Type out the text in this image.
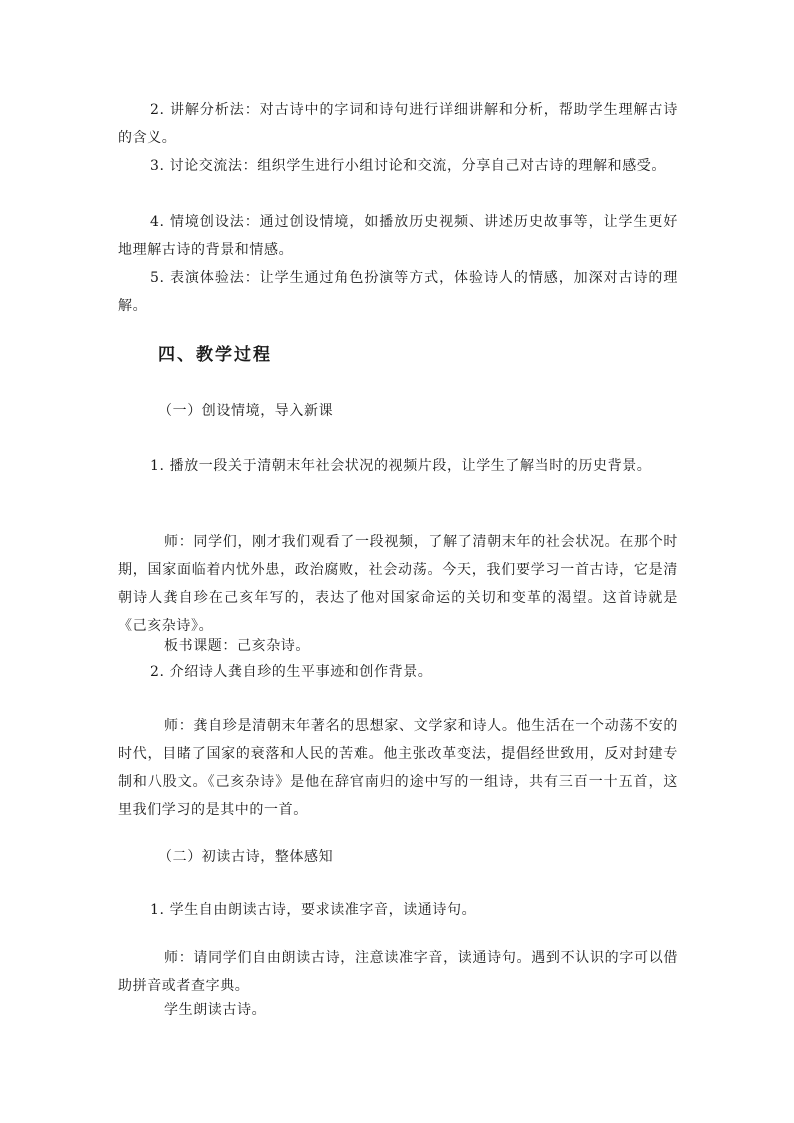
2. 讲解分析法：对古诗中的字词和诗句进行详细讲解和分析，帮助学生理解古诗的含义。

3. 讨论交流法：组织学生进行小组讨论和交流，分享自己对古诗的理解和感受。

4. 情境创设法：通过创设情境，如播放历史视频、讲述历史故事等，让学生更好地理解古诗的背景和情感。

5. 表演体验法：让学生通过角色扮演等方式，体验诗人的情感，加深对古诗的理解。

四、教学过程

（一）创设情境，导入新课

1. 播放一段关于清朝末年社会状况的视频片段，让学生了解当时的历史背景。

师：同学们，刚才我们观看了一段视频，了解了清朝末年的社会状况。在那个时期，国家面临着内忧外患，政治腐败，社会动荡。今天，我们要学习一首古诗，它是清朝诗人龚自珍在己亥年写的，表达了他对国家命运的关切和变革的渴望。这首诗就是《己亥杂诗》。

板书课题：己亥杂诗。

2. 介绍诗人龚自珍的生平事迹和创作背景。

师：龚自珍是清朝末年著名的思想家、文学家和诗人。他生活在一个动荡不安的时代，目睹了国家的衰落和人民的苦难。他主张改革变法，提倡经世致用，反对封建专制和八股文。《己亥杂诗》是他在辞官南归的途中写的一组诗，共有三百一十五首，这里我们学习的是其中的一首。

（二）初读古诗，整体感知

1. 学生自由朗读古诗，要求读准字音，读通诗句。

师：请同学们自由朗读古诗，注意读准字音，读通诗句。遇到不认识的字可以借助拼音或者查字典。

学生朗读古诗。
